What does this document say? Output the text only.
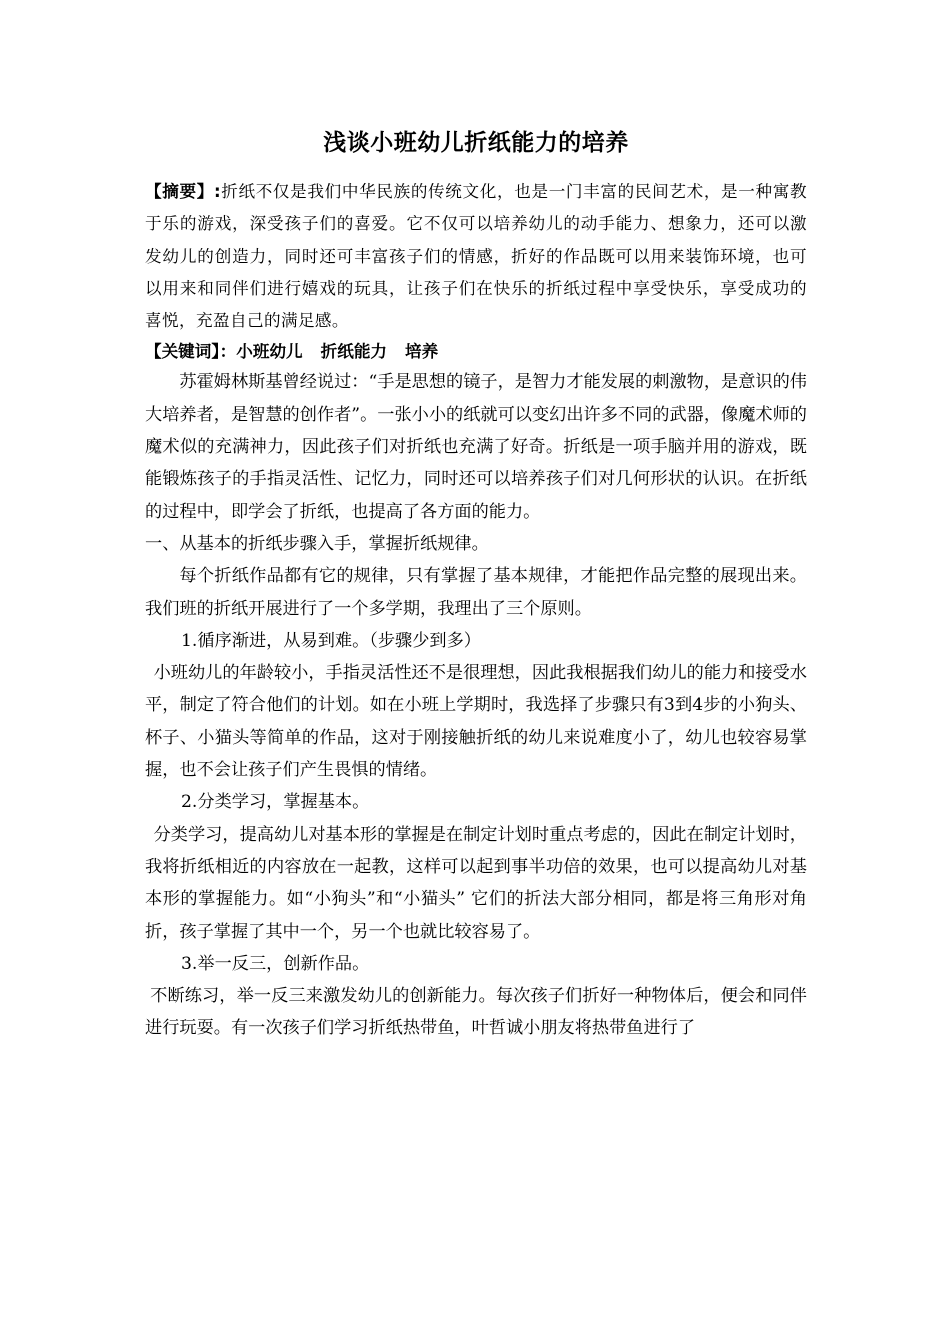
浅谈小班幼儿折纸能力的培养

【摘要】:折纸不仅是我们中华民族的传统文化，也是一门丰富的民间艺术，是一种寓教于乐的游戏，深受孩子们的喜爱。它不仅可以培养幼儿的动手能力、想象力，还可以激发幼儿的创造力，同时还可丰富孩子们的情感，折好的作品既可以用来装饰环境，也可以用来和同伴们进行嬉戏的玩具，让孩子们在快乐的折纸过程中享受快乐，享受成功的喜悦，充盈自己的满足感。

【关键词】：小班幼儿 折纸能力 培养

苏霍姆林斯基曾经说过：“手是思想的镜子，是智力才能发展的刺激物，是意识的伟大培养者，是智慧的创作者”。一张小小的纸就可以变幻出许多不同的武器，像魔术师的魔术似的充满神力，因此孩子们对折纸也充满了好奇。折纸是一项手脑并用的游戏，既能锻炼孩子的手指灵活性、记忆力，同时还可以培养孩子们对几何形状的认识。在折纸的过程中，即学会了折纸，也提高了各方面的能力。

一、从基本的折纸步骤入手，掌握折纸规律。

每个折纸作品都有它的规律，只有掌握了基本规律，才能把作品完整的展现出来。我们班的折纸开展进行了一个多学期，我理出了三个原则。

1.循序渐进，从易到难。（步骤少到多）

小班幼儿的年龄较小，手指灵活性还不是很理想，因此我根据我们幼儿的能力和接受水平，制定了符合他们的计划。如在小班上学期时，我选择了步骤只有3到4步的小狗头、杯子、小猫头等简单的作品，这对于刚接触折纸的幼儿来说难度小了，幼儿也较容易掌握，也不会让孩子们产生畏惧的情绪。

2.分类学习，掌握基本。

分类学习，提高幼儿对基本形的掌握是在制定计划时重点考虑的，因此在制定计划时，我将折纸相近的内容放在一起教，这样可以起到事半功倍的效果，也可以提高幼儿对基本形的掌握能力。如“小狗头”和“小猫头” 它们的折法大部分相同，都是将三角形对角折，孩子掌握了其中一个，另一个也就比较容易了。

3.举一反三，创新作品。

不断练习，举一反三来激发幼儿的创新能力。每次孩子们折好一种物体后，便会和同伴进行玩耍。有一次孩子们学习折纸热带鱼，叶哲诚小朋友将热带鱼进行了
